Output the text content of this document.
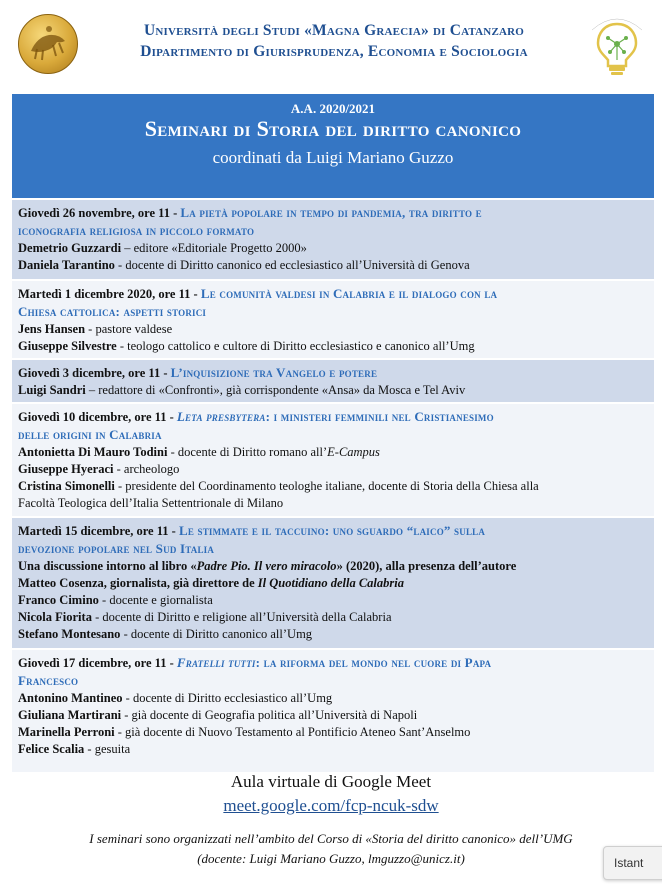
Università degli Studi «Magna Graecia» di Catanzaro
Dipartimento di Giurisprudenza, Economia e Sociologia
A.A. 2020/2021
Seminari di Storia del diritto canonico
coordinati da Luigi Mariano Guzzo
Giovedì 26 novembre, ore 11 - La pietà popolare in tempo di pandemia, tra diritto e
iconografia religiosa in piccolo formato
Demetrio Guzzardi – editore «Editoriale Progetto 2000»
Daniela Tarantino - docente di Diritto canonico ed ecclesiastico all’Università di Genova
Martedì 1 dicembre 2020, ore 11 - Le comunità valdesi in Calabria e il dialogo con la
Chiesa cattolica: aspetti storici
Jens Hansen - pastore valdese
Giuseppe Silvestre - teologo cattolico e cultore di Diritto ecclesiastico e canonico all’Umg
Giovedì 3 dicembre, ore 11 - L’inquisizione tra Vangelo e potere
Luigi Sandri – redattore di «Confronti», già corrispondente «Ansa» da Mosca e Tel Aviv
Giovedì 10 dicembre, ore 11 - Leta presbytera: i ministeri femminili nel Cristianesimo
delle origini in Calabria
Antonietta Di Mauro Todini - docente di Diritto romano all’E-Campus
Giuseppe Hyeraci - archeologo
Cristina Simonelli - presidente del Coordinamento teologhe italiane, docente di Storia della Chiesa alla
Facoltà Teologica dell’Italia Settentrionale di Milano
Martedì 15 dicembre, ore 11 - Le stimmate e il taccuino: uno sguardo “laico” sulla
devozione popolare nel Sud Italia
Una discussione intorno al libro «Padre Pio. Il vero miracolo» (2020), alla presenza dell’autore
Matteo Cosenza, giornalista, già direttore de Il Quotidiano della Calabria
Franco Cimino - docente e giornalista
Nicola Fiorita - docente di Diritto e religione all’Università della Calabria
Stefano Montesano - docente di Diritto canonico all’Umg
Giovedì 17 dicembre, ore 11 - Fratelli tutti: la riforma del mondo nel cuore di Papa
Francesco
Antonino Mantineo - docente di Diritto ecclesiastico all’Umg
Giuliana Martirani - già docente di Geografia politica all’Università di Napoli
Marinella Perroni - già docente di Nuovo Testamento al Pontificio Ateneo Sant’Anselmo
Felice Scalia - gesuita
Aula virtuale di Google Meet
meet.google.com/fcp-ncuk-sdw
I seminari sono organizzati nell’ambito del Corso di «Storia del diritto canonico» dell’UMG
(docente: Luigi Mariano Guzzo, lmguzzo@unicz.it)	Istant
